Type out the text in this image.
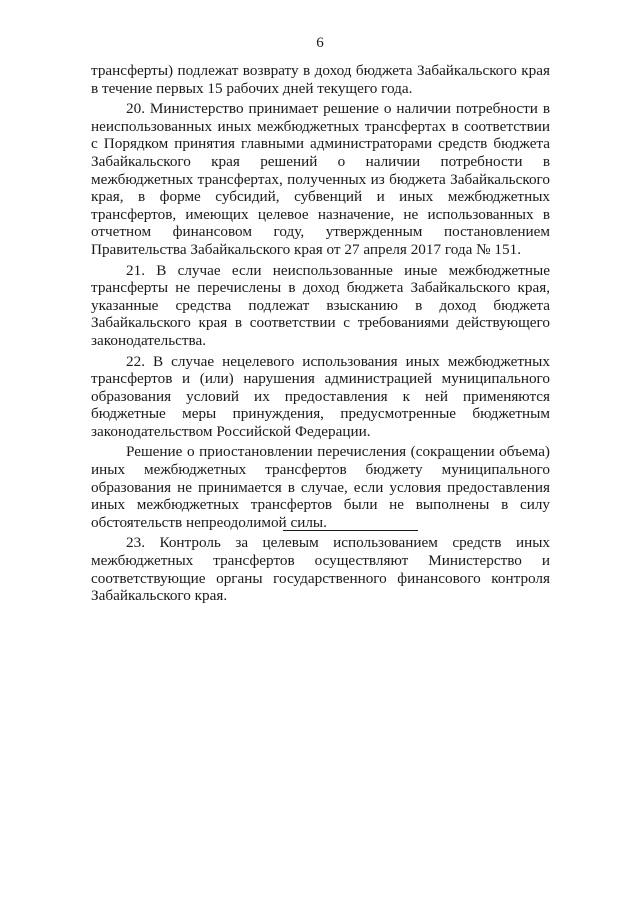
6

трансферты) подлежат возврату в доход бюджета Забайкальского края в течение первых 15 рабочих дней текущего года.

20. Министерство принимает решение о наличии потребности в неиспользованных иных межбюджетных трансфертах в соответствии с Порядком принятия главными администраторами средств бюджета Забайкальского края решений о наличии потребности в межбюджетных трансфертах, полученных из бюджета Забайкальского края, в форме субсидий, субвенций и иных межбюджетных трансфертов, имеющих целевое назначение, не использованных в отчетном финансовом году, утвержденным постановлением Правительства Забайкальского края от 27 апреля 2017 года № 151.

21. В случае если неиспользованные иные межбюджетные трансферты не перечислены в доход бюджета Забайкальского края, указанные средства подлежат взысканию в доход бюджета Забайкальского края в соответствии с требованиями действующего законодательства.

22. В случае нецелевого использования иных межбюджетных трансфертов и (или) нарушения администрацией муниципального образования условий их предоставления к ней применяются бюджетные меры принуждения, предусмотренные бюджетным законодательством Российской Федерации.

Решение о приостановлении перечисления (сокращении объема) иных межбюджетных трансфертов бюджету муниципального образования не принимается в случае, если условия предоставления иных межбюджетных трансфертов были не выполнены в силу обстоятельств непреодолимой силы.

23. Контроль за целевым использованием средств иных межбюджетных трансфертов осуществляют Министерство и соответствующие органы государственного финансового контроля Забайкальского края.
